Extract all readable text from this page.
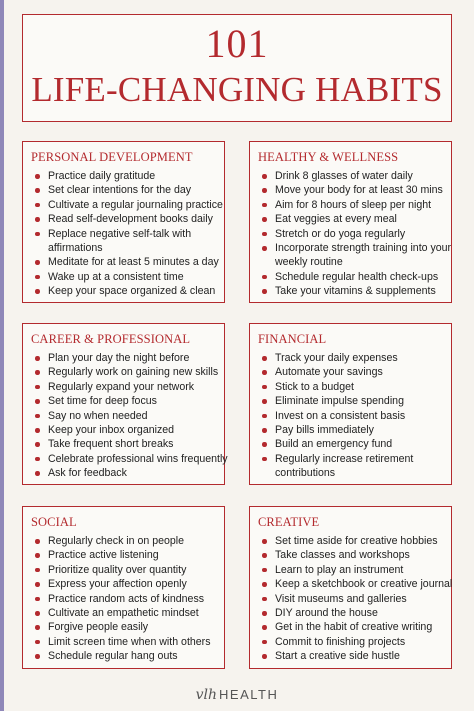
101
LIFE-CHANGING HABITS
PERSONAL DEVELOPMENT
Practice daily gratitude
Set clear intentions for the day
Cultivate a regular journaling practice
Read self-development books daily
Replace negative self-talk with
affirmations
Meditate for at least 5 minutes a day
Wake up at a consistent time
Keep your space organized & clean
HEALTHY & WELLNESS
Drink 8 glasses of water daily
Move your body for at least 30 mins
Aim for 8 hours of sleep per night
Eat veggies at every meal
Stretch or do yoga regularly
Incorporate strength training into your
weekly routine
Schedule regular health check-ups
Take your vitamins & supplements
CAREER & PROFESSIONAL
Plan your day the night before
Regularly work on gaining new skills
Regularly expand your network
Set time for deep focus
Say no when needed
Keep your inbox organized
Take frequent short breaks
Celebrate professional wins frequently
Ask for feedback
FINANCIAL
Track your daily expenses
Automate your savings
Stick to a budget
Eliminate impulse spending
Invest on a consistent basis
Pay bills immediately
Build an emergency fund
Regularly increase retirement
contributions
SOCIAL
Regularly check in on people
Practice active listening
Prioritize quality over quantity
Express your affection openly
Practice random acts of kindness
Cultivate an empathetic mindset
Forgive people easily
Limit screen time when with others
Schedule regular hang outs
CREATIVE
Set time aside for creative hobbies
Take classes and workshops
Learn to play an instrument
Keep a sketchbook or creative journal
Visit museums and galleries
DIY around the house
Get in the habit of creative writing
Commit to finishing projects
Start a creative side hustle
vlh HEALTH
